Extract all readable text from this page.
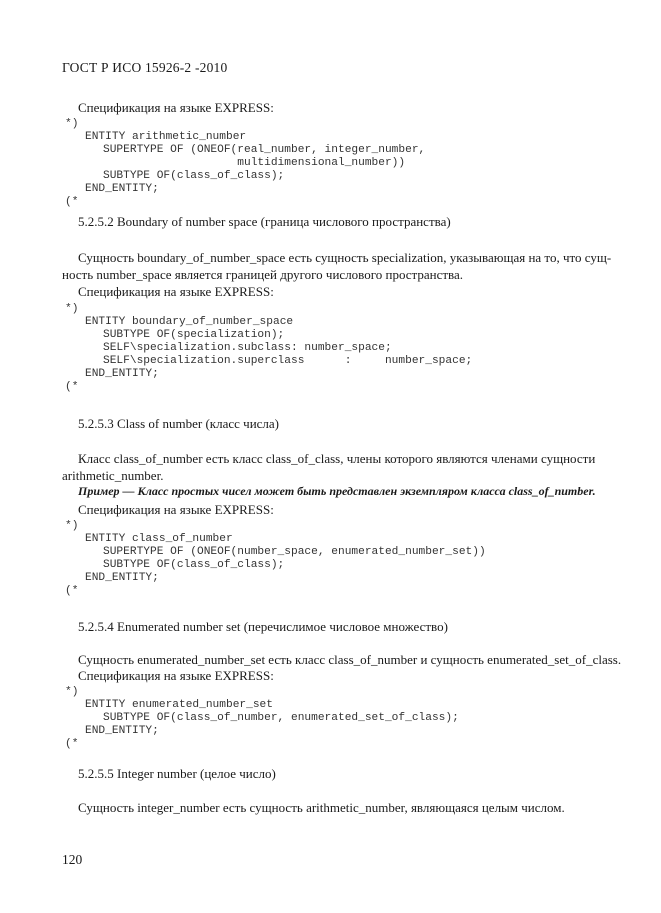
ГОСТ Р ИСО 15926-2 -2010
Спецификация на языке EXPRESS:
*)
ENTITY arithmetic_number
SUPERTYPE OF (ONEOF(real_number, integer_number,
multidimensional_number))
SUBTYPE OF(class_of_class);
END_ENTITY;
(*
5.2.5.2 Boundary of number space (граница числового пространства)
Сущность boundary_of_number_space есть сущность specialization, указывающая на то, что сущ-
ность number_space является границей другого числового пространства.
Спецификация на языке EXPRESS:
*)
ENTITY boundary_of_number_space
SUBTYPE OF(specialization);
SELF\specialization.subclass: number_space;
SELF\specialization.superclass      :     number_space;
END_ENTITY;
(*
5.2.5.3 Class of number (класс числа)
Класс class_of_number есть класс class_of_class, члены которого являются членами сущности
arithmetic_number.
Пример — Класс простых чисел может быть представлен экземпляром класса class_of_number.
Спецификация на языке EXPRESS:
*)
ENTITY class_of_number
SUPERTYPE OF (ONEOF(number_space, enumerated_number_set))
SUBTYPE OF(class_of_class);
END_ENTITY;
(*
5.2.5.4 Enumerated number set (перечислимое числовое множество)
Сущность enumerated_number_set есть класс class_of_number и сущность enumerated_set_of_class.
Спецификация на языке EXPRESS:
*)
ENTITY enumerated_number_set
SUBTYPE OF(class_of_number, enumerated_set_of_class);
END_ENTITY;
(*
5.2.5.5 Integer number (целое число)
Сущность integer_number есть сущность arithmetic_number, являющаяся целым числом.
120
